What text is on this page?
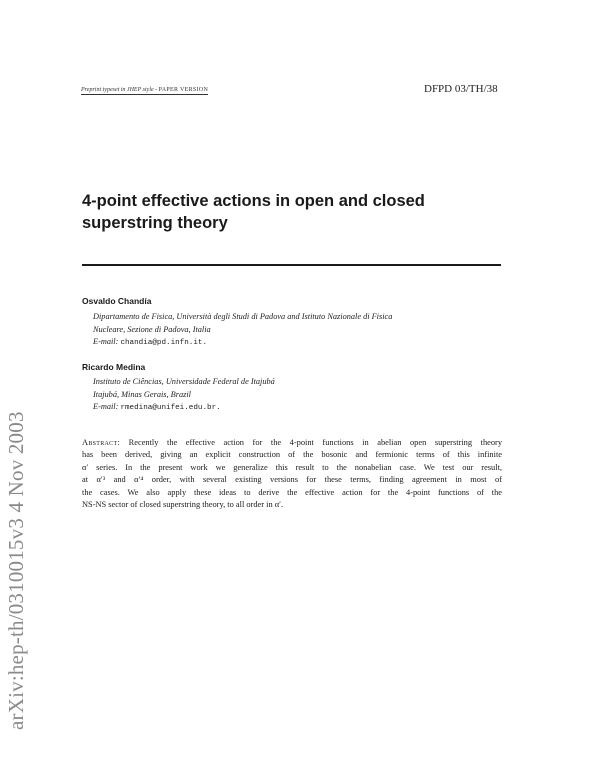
arXiv:hep-th/0310015v3 4 Nov 2003
Preprint typeset in JHEP style - PAPER VERSION	DFPD 03/TH/38
4-point effective actions in open and closed
superstring theory
Osvaldo Chandía
Dipartamento de Fisica, Università degli Studi di Padova and Istituto Nazionale di Fisica
Nucleare, Sezione di Padova, Italia
E-mail: chandia@pd.infn.it.
Ricardo Medina
Instituto de Ciências, Universidade Federal de Itajubá
Itajubá, Minas Gerais, Brazil
E-mail: rmedina@unifei.edu.br.
Abstract: Recently the effective action for the 4-point functions in abelian open superstring theory
has been derived, giving an explicit construction of the bosonic and fermionic terms of this infinite
α′ series. In the present work we generalize this result to the nonabelian case. We test our result,
at α′³ and α′⁴ order, with several existing versions for these terms, finding agreement in most of
the cases. We also apply these ideas to derive the effective action for the 4-point functions of the
NS-NS sector of closed superstring theory, to all order in α′.
